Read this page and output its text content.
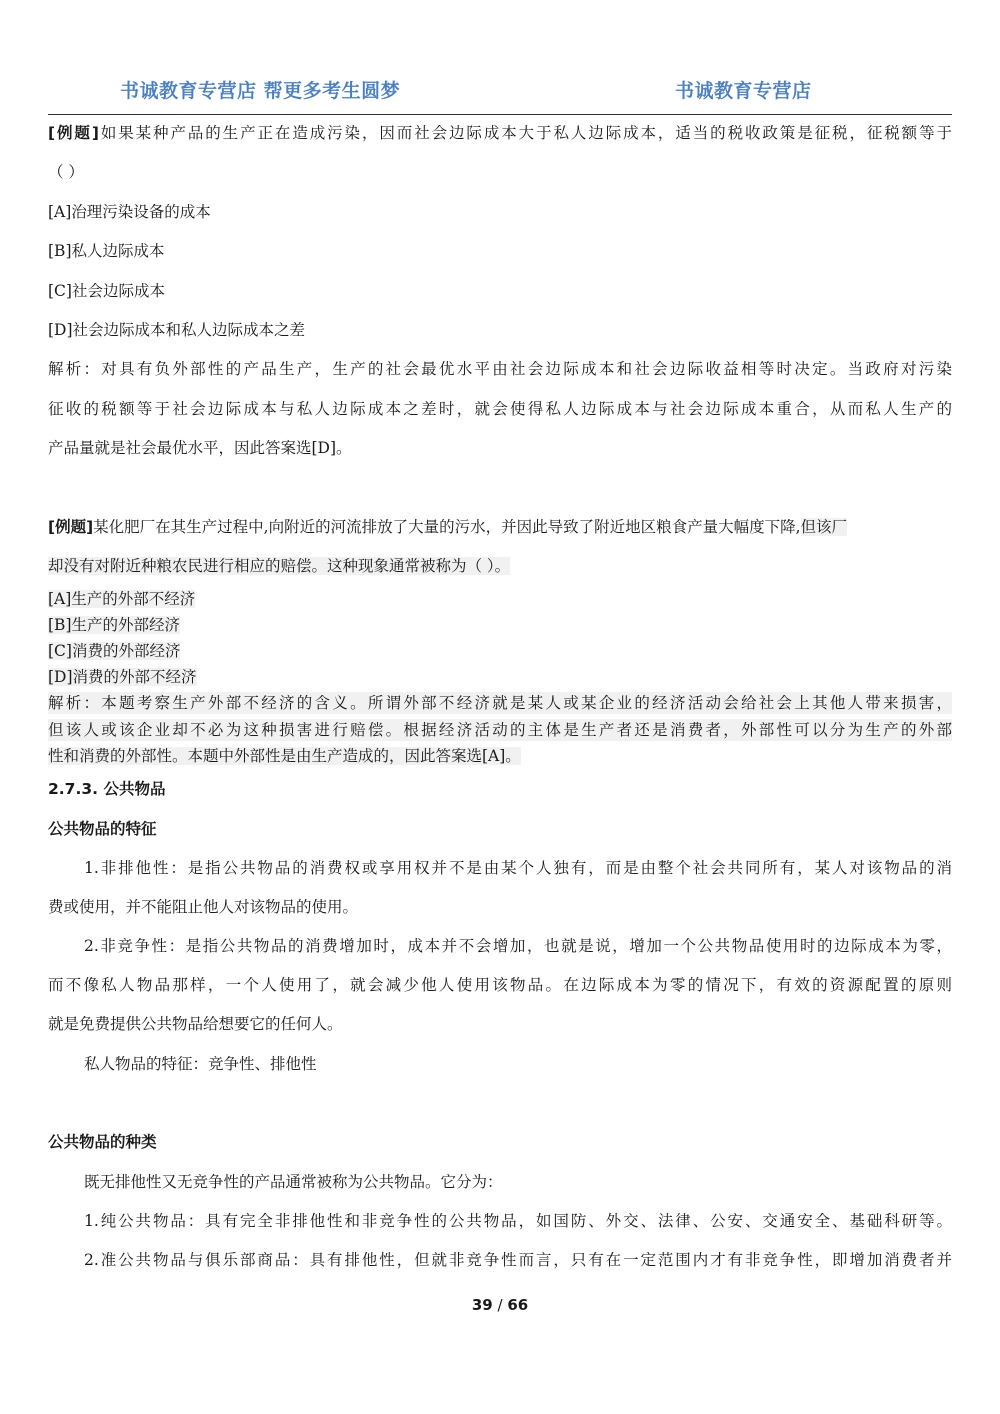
书诚教育专营店 帮更多考生圆梦	书诚教育专营店
[例题]如果某种产品的生产正在造成污染，因而社会边际成本大于私人边际成本，适当的税收政策是征税，征税额等于
（ ）
[A]治理污染设备的成本
[B]私人边际成本
[C]社会边际成本
[D]社会边际成本和私人边际成本之差
解析：对具有负外部性的产品生产，生产的社会最优水平由社会边际成本和社会边际收益相等时决定。当政府对污染
征收的税额等于社会边际成本与私人边际成本之差时，就会使得私人边际成本与社会边际成本重合，从而私人生产的
产品量就是社会最优水平，因此答案选[D]。
[例题]某化肥厂在其生产过程中,向附近的河流排放了大量的污水，并因此导致了附近地区粮食产量大幅度下降,但该厂
却没有对附近种粮农民进行相应的赔偿。这种现象通常被称为（ ）。
[A]生产的外部不经济
[B]生产的外部经济
[C]消费的外部经济
[D]消费的外部不经济
解析：本题考察生产外部不经济的含义。所谓外部不经济就是某人或某企业的经济活动会给社会上其他人带来损害，
但该人或该企业却不必为这种损害进行赔偿。根据经济活动的主体是生产者还是消费者，外部性可以分为生产的外部
性和消费的外部性。本题中外部性是由生产造成的，因此答案选[A]。
2.7.3. 公共物品
公共物品的特征
1.非排他性：是指公共物品的消费权或享用权并不是由某个人独有，而是由整个社会共同所有，某人对该物品的消
费或使用，并不能阻止他人对该物品的使用。
2.非竞争性：是指公共物品的消费增加时，成本并不会增加，也就是说，增加一个公共物品使用时的边际成本为零，
而不像私人物品那样，一个人使用了，就会减少他人使用该物品。在边际成本为零的情况下，有效的资源配置的原则
就是免费提供公共物品给想要它的任何人。
私人物品的特征：竞争性、排他性
公共物品的种类
既无排他性又无竞争性的产品通常被称为公共物品。它分为：
1.纯公共物品：具有完全非排他性和非竞争性的公共物品，如国防、外交、法律、公安、交通安全、基础科研等。
2.准公共物品与俱乐部商品：具有排他性，但就非竞争性而言，只有在一定范围内才有非竞争性，即增加消费者并
39 / 66
